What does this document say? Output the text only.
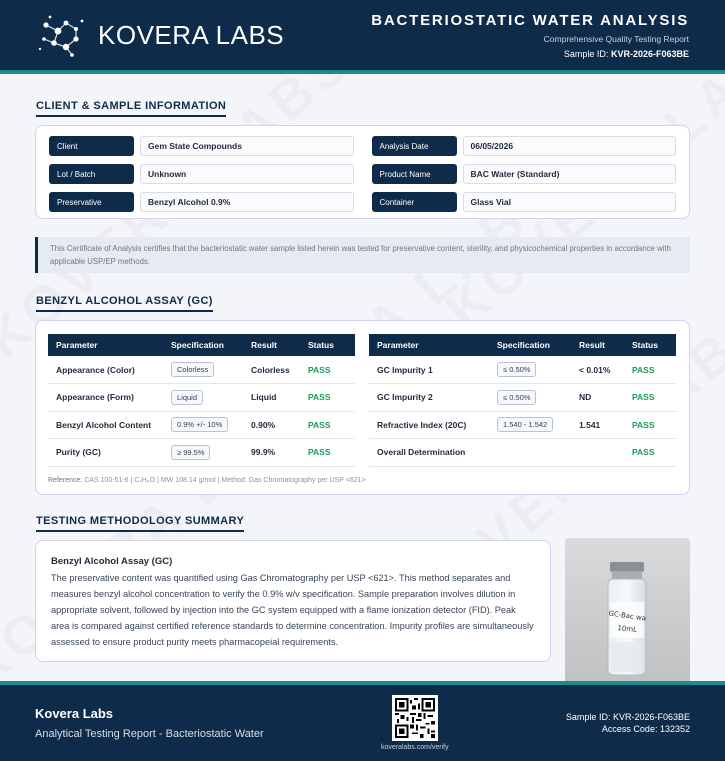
KOVERA LABS	BACTERIOSTATIC WATER ANALYSIS
Comprehensive Quality Testing Report
Sample ID: KVR-2026-F063BE
CLIENT & SAMPLE INFORMATION
Client	Gem State Compounds	Analysis Date	06/05/2026
Lot / Batch	Unknown	Product Name	BAC Water (Standard)
Preservative	Benzyl Alcohol 0.9%	Container	Glass Vial
This Certificate of Analysis certifies that the bacteriostatic water sample listed herein was tested for preservative content, sterility, and physicochemical properties in accordance with applicable USP/EP methods.
BENZYL ALCOHOL ASSAY (GC)
Parameter	Specification	Result	Status
Appearance (Color)	Colorless	Colorless	PASS
Appearance (Form)	Liquid	Liquid	PASS
Benzyl Alcohol Content	0.9% +/- 10%	0.90%	PASS
Purity (GC)	≥ 99.5%	99.9%	PASS
Parameter	Specification	Result	Status
GC Impurity 1	≤ 0.50%	< 0.01%	PASS
GC Impurity 2	≤ 0.50%	ND	PASS
Refractive Index (20C)	1.540 - 1.542	1.541	PASS
Overall Determination			PASS
Reference: CAS 100-51-6 | C₇H₈O | MW 108.14 g/mol | Method: Gas Chromatography per USP <621>
TESTING METHODOLOGY SUMMARY
Benzyl Alcohol Assay (GC)
The preservative content was quantified using Gas Chromatography per USP <621>. This method separates and measures benzyl alcohol concentration to verify the 0.9% w/v specification. Sample preparation involves dilution in appropriate solvent, followed by injection into the GC system equipped with a flame ionization detector (FID). Peak area is compared against certified reference standards to determine concentration. Impurity profiles are simultaneously assessed to ensure product purity meets pharmacopeial requirements.
GC-Bac wa
10mL
Kovera Labs
Analytical Testing Report - Bacteriostatic Water
koveralabs.com/verify
Sample ID: KVR-2026-F063BE
Access Code: 132352
